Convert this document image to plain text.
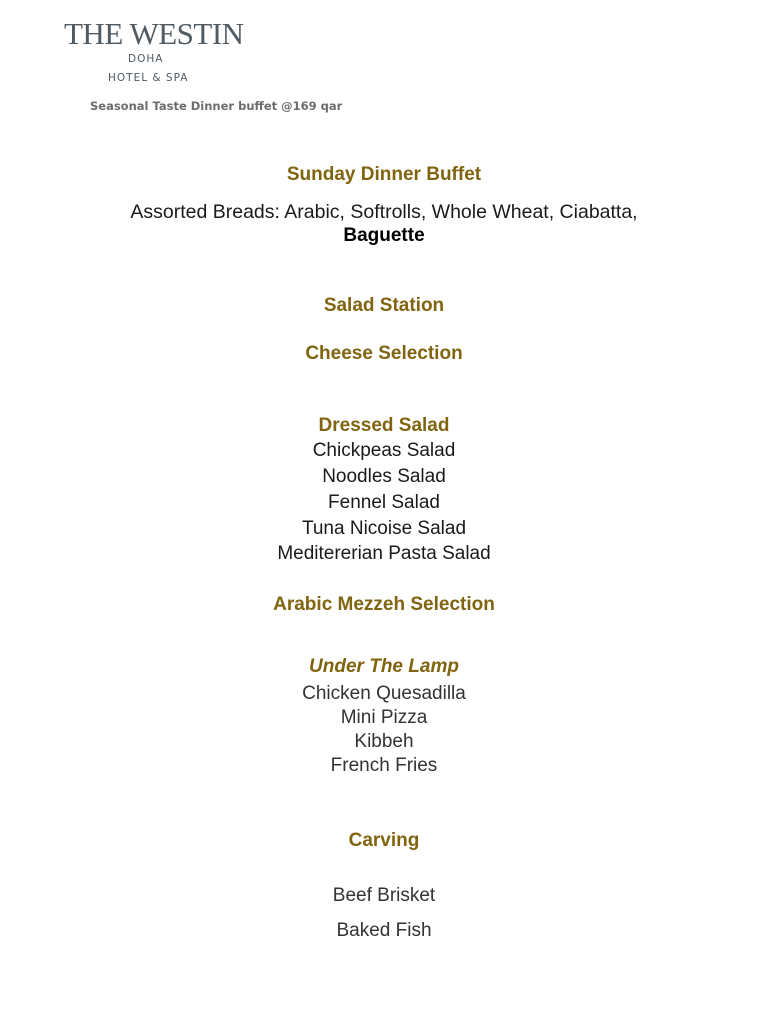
THE WESTIN
DOHA
HOTEL & SPA
Seasonal Taste Dinner buffet @169 qar
Sunday Dinner Buffet
Assorted Breads: Arabic, Softrolls, Whole Wheat, Ciabatta,
Baguette
Salad Station
Cheese Selection
Dressed Salad
Chickpeas Salad
Noodles Salad
Fennel Salad
Tuna Nicoise Salad
Meditererian Pasta Salad
Arabic Mezzeh Selection
Under The Lamp
Chicken Quesadilla
Mini Pizza
Kibbeh
French Fries
Carving
Beef Brisket
Baked Fish
